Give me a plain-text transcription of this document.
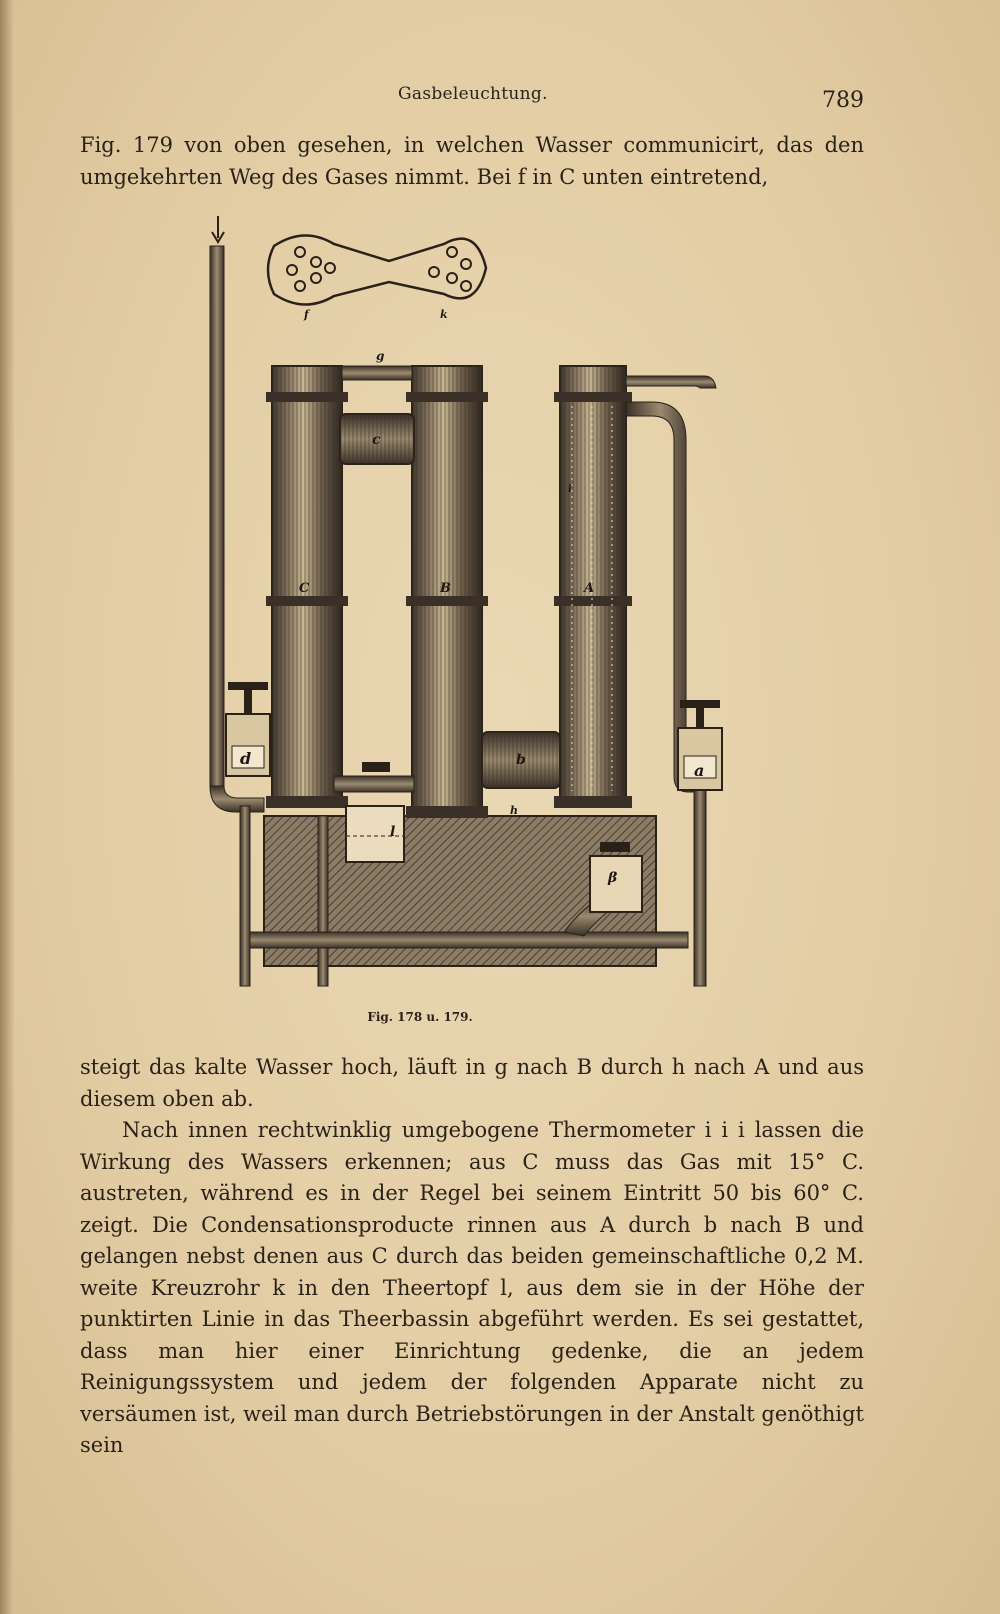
Gasbeleuchtung.	789

Fig. 179 von oben gesehen, in welchen Wasser communicirt, das den umgekehrten Weg des Gases nimmt. Bei f in C unten eintretend,

C	B	A
c
b
d
a
l
β
g
h
i
f	k
Fig. 178 u. 179.

steigt das kalte Wasser hoch, läuft in g nach B durch h nach A und aus diesem oben ab.

Nach innen rechtwinklig umgebogene Thermometer i i i lassen die Wirkung des Wassers erkennen; aus C muss das Gas mit 15° C. austreten, während es in der Regel bei seinem Eintritt 50 bis 60° C. zeigt. Die Condensationsproducte rinnen aus A durch b nach B und gelangen nebst denen aus C durch das beiden gemeinschaftliche 0,2 M. weite Kreuzrohr k in den Theertopf l, aus dem sie in der Höhe der punktirten Linie in das Theerbassin abgeführt werden. Es sei gestattet, dass man hier einer Einrichtung gedenke, die an jedem Reinigungssystem und jedem der folgenden Apparate nicht zu versäumen ist, weil man durch Betriebstörungen in der Anstalt genöthigt sein
